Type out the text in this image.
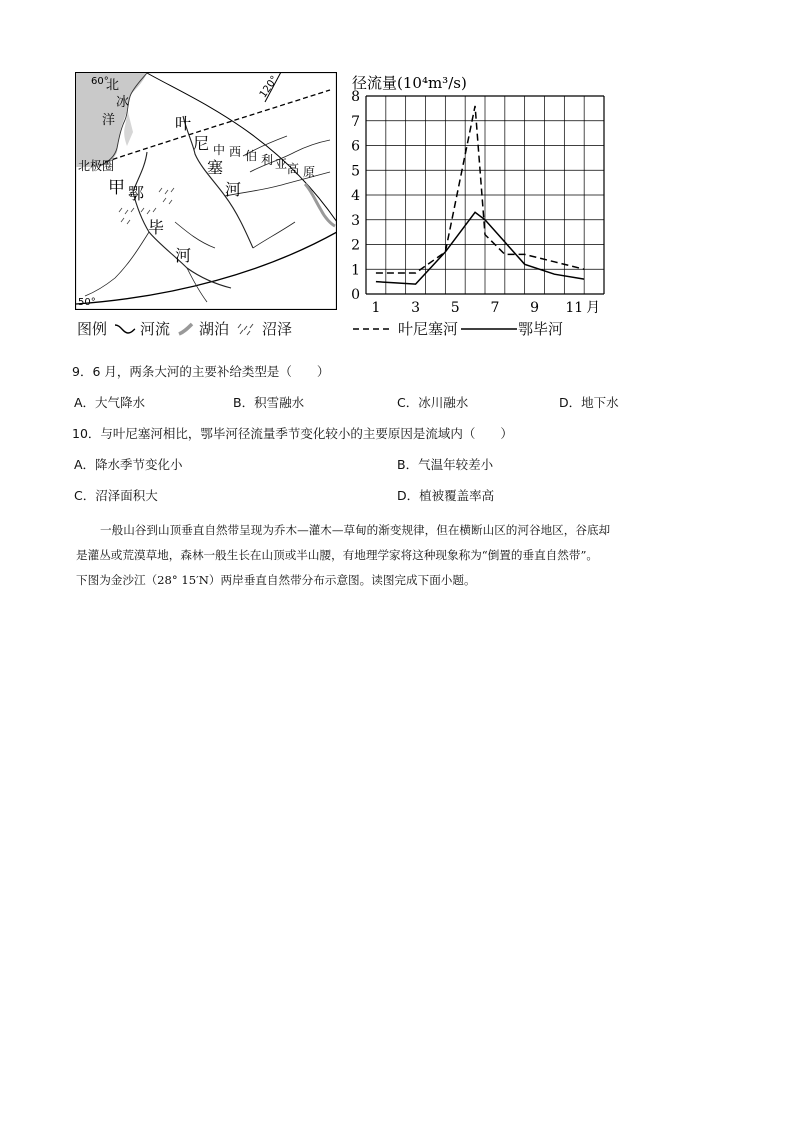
60°
50°
120°
北
冰
洋
北极圈
甲
叶
尼
塞
河
鄂
毕
河
中 西 伯 利 亚 高 原
图例 河流 湖泊 沼泽
径流量(10⁴m³/s)
0
1
2
3
4
5
6
7
8
1 3 5 7 9 11 月
叶尼塞河	鄂毕河
9．6 月，两条大河的主要补给类型是（　　）
A．大气降水	B．积雪融水	C．冰川融水	D．地下水
10．与叶尼塞河相比，鄂毕河径流量季节变化较小的主要原因是流域内（　　）
A．降水季节变化小	B．气温年较差小
C．沼泽面积大	D．植被覆盖率高

一般山谷到山顶垂直自然带呈现为乔木—灌木—草甸的渐变规律，但在横断山区的河谷地区，谷底却

是灌丛或荒漠草地，森林一般生长在山顶或半山腰，有地理学家将这种现象称为“倒置的垂直自然带”。

下图为金沙江（28° 15′N）两岸垂直自然带分布示意图。读图完成下面小题。
